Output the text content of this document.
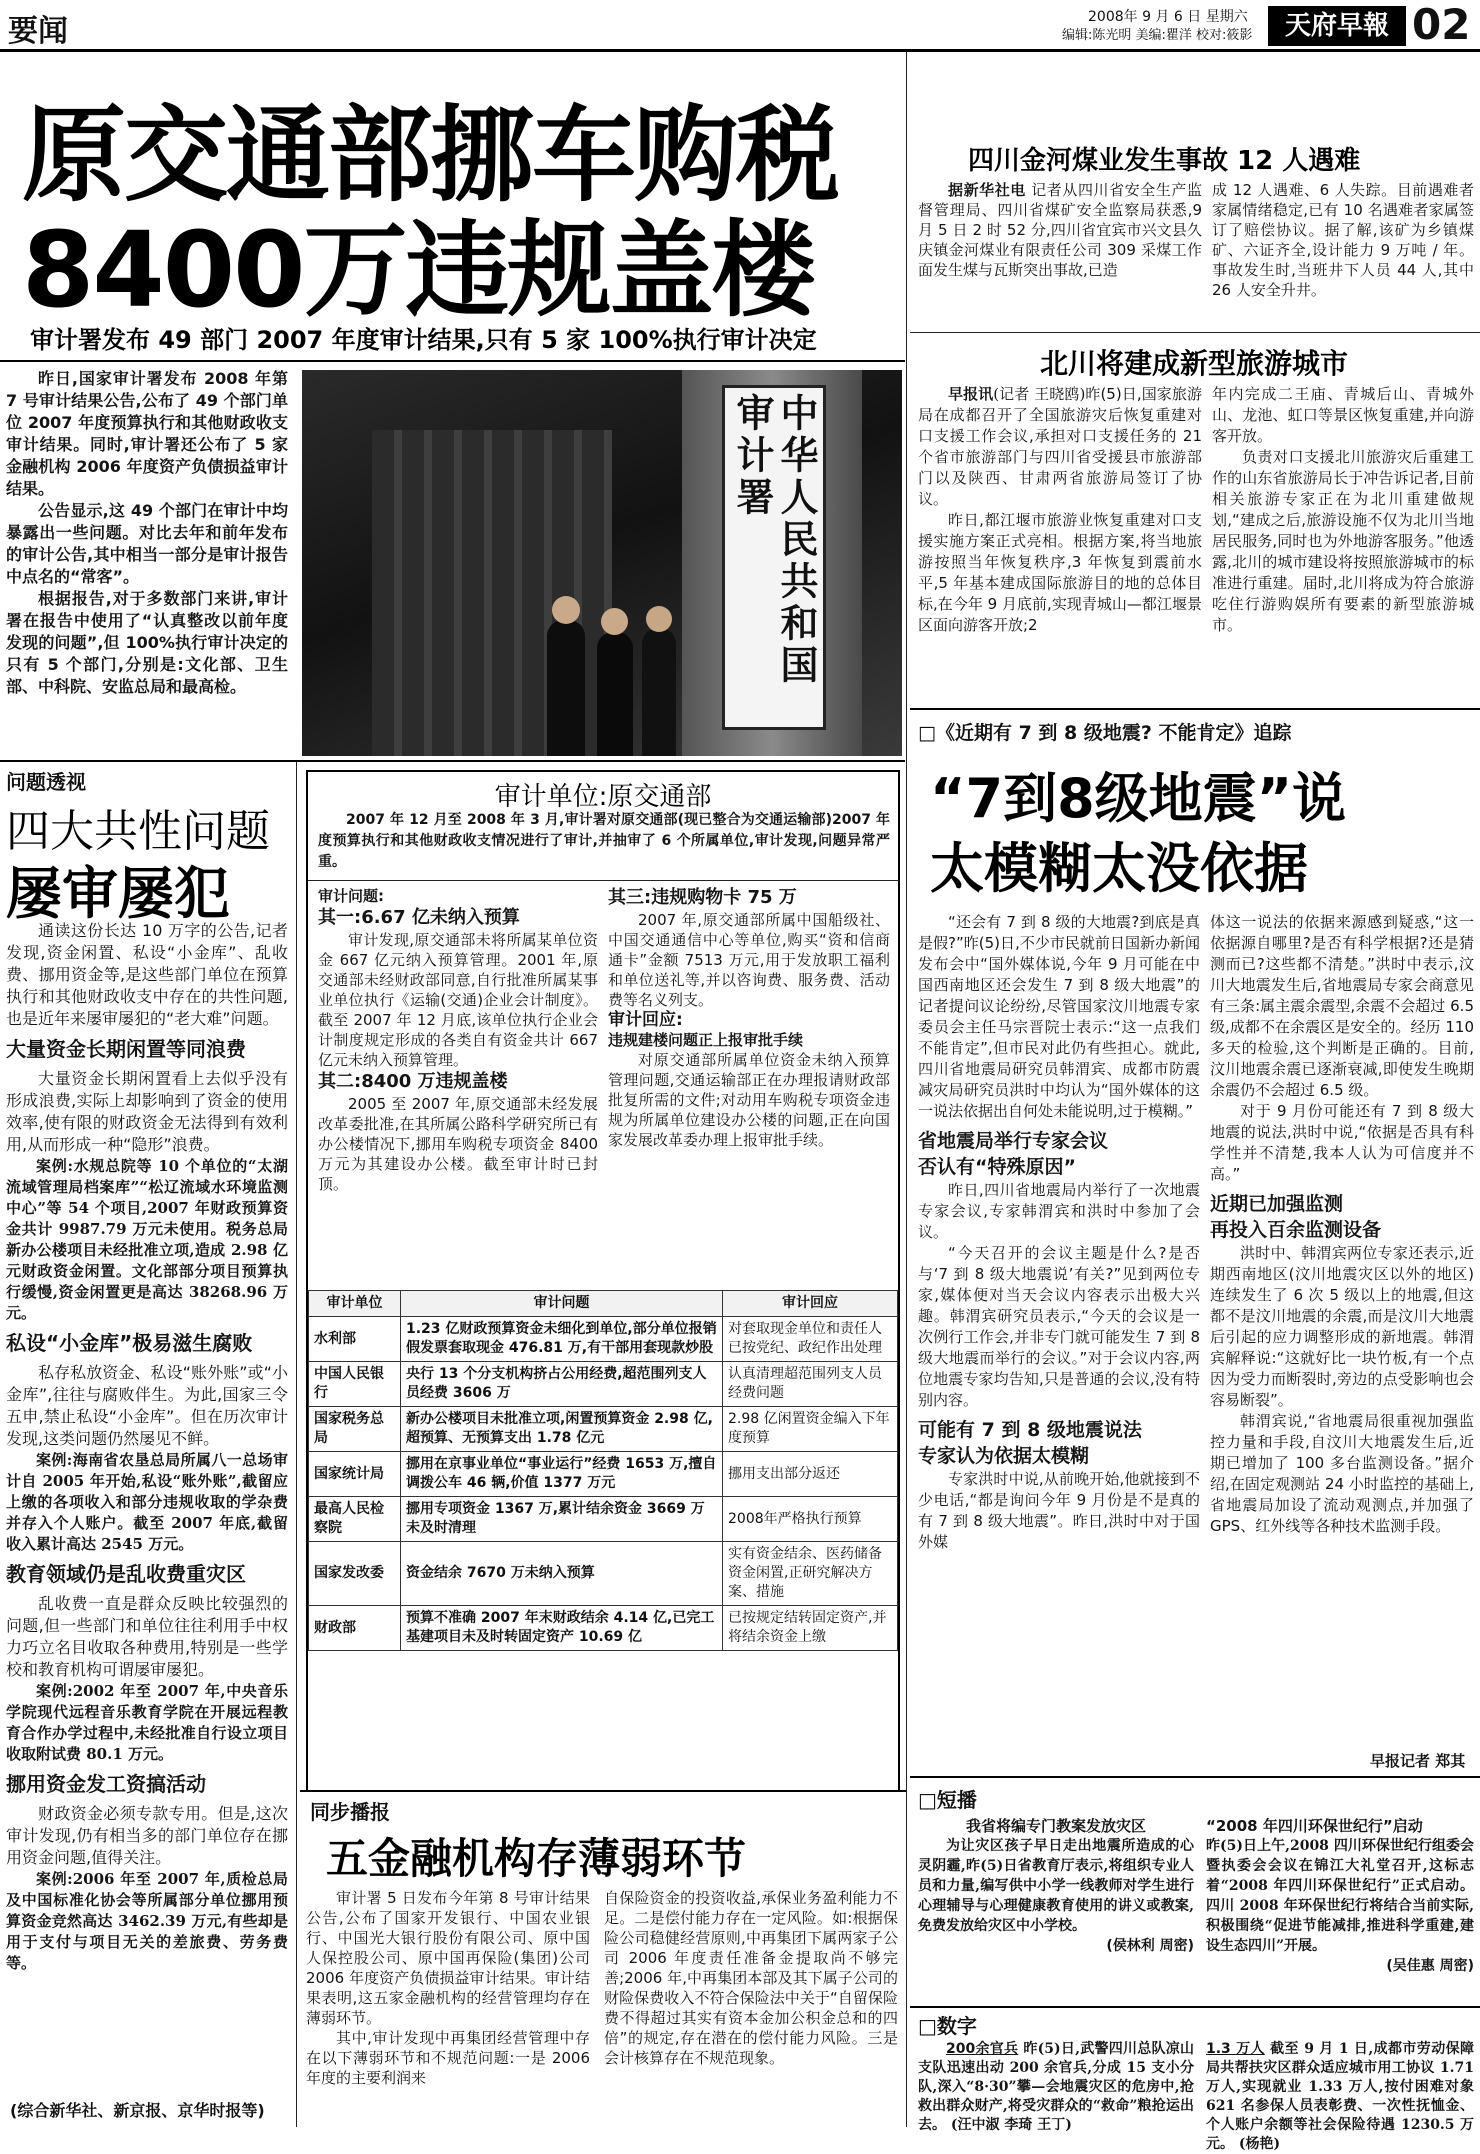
要闻	2008年 9 月 6 日 星期六
编辑:陈光明 美编:瞿洋 校对:筱影	天府早報 02
原交通部挪车购税
8400万违规盖楼
审计署发布 49 部门 2007 年度审计结果,只有 5 家 100%执行审计决定

昨日,国家审计署发布 2008 年第 7 号审计结果公告,公布了 49 个部门单位 2007 年度预算执行和其他财政收支审计结果。同时,审计署还公布了 5 家金融机构 2006 年度资产负债损益审计结果。

公告显示,这 49 个部门在审计中均暴露出一些问题。对比去年和前年发布的审计公告,其中相当一部分是审计报告中点名的“常客”。

根据报告,对于多数部门来讲,审计署在报告中使用了“认真整改以前年度发现的问题”,但 100%执行审计决定的只有 5 个部门,分别是:文化部、卫生部、中科院、安监总局和最高检。	中华人民共和国审计署
问题透视
四大共性问题
屡审屡犯

通读这份长达 10 万字的公告,记者发现,资金闲置、私设“小金库”、乱收费、挪用资金等,是这些部门单位在预算执行和其他财政收支中存在的共性问题,也是近年来屡审屡犯的“老大难”问题。

大量资金长期闲置等同浪费

大量资金长期闲置看上去似乎没有形成浪费,实际上却影响到了资金的使用效率,使有限的财政资金无法得到有效利用,从而形成一种“隐形”浪费。

案例:水规总院等 10 个单位的“太湖流域管理局档案库”“松辽流域水环境监测中心”等 54 个项目,2007 年财政预算资金共计 9987.79 万元未使用。税务总局新办公楼项目未经批准立项,造成 2.98 亿元财政资金闲置。文化部部分项目预算执行缓慢,资金闲置更是高达 38268.96 万元。

私设“小金库”极易滋生腐败

私存私放资金、私设“账外账”或“小金库”,往往与腐败伴生。为此,国家三令五申,禁止私设“小金库”。但在历次审计发现,这类问题仍然屡见不鲜。

案例:海南省农垦总局所属八一总场审计自 2005 年开始,私设“账外账”,截留应上缴的各项收入和部分违规收取的学杂费并存入个人账户。截至 2007 年底,截留收入累计高达 2545 万元。

教育领域仍是乱收费重灾区

乱收费一直是群众反映比较强烈的问题,但一些部门和单位往往利用手中权力巧立名目收取各种费用,特别是一些学校和教育机构可谓屡审屡犯。

案例:2002 年至 2007 年,中央音乐学院现代远程音乐教育学院在开展远程教育合作办学过程中,未经批准自行设立项目收取附试费 80.1 万元。

挪用资金发工资搞活动

财政资金必须专款专用。但是,这次审计发现,仍有相当多的部门单位存在挪用资金问题,值得关注。

案例:2006 年至 2007 年,质检总局及中国标准化协会等所属部分单位挪用预算资金竞然高达 3462.39 万元,有些却是用于支付与项目无关的差旅费、劳务费等。

(综合新华社、新京报、京华时报等)
审计单位:原交通部
2007 年 12 月至 2008 年 3 月,审计署对原交通部(现已整合为交通运输部)2007 年度预算执行和其他财政收支情况进行了审计,并抽审了 6 个所属单位,审计发现,问题异常严重。
审计问题:
其一:6.67 亿未纳入预算

审计发现,原交通部未将所属某单位资金 667 亿元纳入预算管理。2001 年,原交通部未经财政部同意,自行批准所属某事业单位执行《运输(交通)企业会计制度》。截至 2007 年 12 月底,该单位执行企业会计制度规定形成的各类自有资金共计 667 亿元未纳入预算管理。

其二:8400 万违规盖楼

2005 至 2007 年,原交通部未经发展改革委批准,在其所属公路科学研究所已有办公楼情况下,挪用车购税专项资金 8400 万元为其建设办公楼。截至审计时已封顶。

其三:违规购物卡 75 万

2007 年,原交通部所属中国船级社、中国交通通信中心等单位,购买“资和信商通卡”金额 7513 万元,用于发放职工福利和单位送礼等,并以咨询费、服务费、活动费等名义列支。

审计回应:
违规建楼问题正上报审批手续

对原交通部所属单位资金未纳入预算管理问题,交通运输部正在办理报请财政部批复所需的文件;对动用车购税专项资金违规为所属单位建设办公楼的问题,正在向国家发展改革委办理上报审批手续。

审计单位	审计问题	审计回应
水利部	1.23 亿财政预算资金未细化到单位,部分单位报销假发票套取现金 476.81 万,有干部用套现款炒股	对套取现金单位和责任人已按党纪、政纪作出处理
中国人民银行	央行 13 个分支机构挤占公用经费,超范围列支人员经费 3606 万	认真清理超范围列支人员经费问题
国家税务总局	新办公楼项目未批准立项,闲置预算资金 2.98 亿,超预算、无预算支出 1.78 亿元	2.98 亿闲置资金编入下年度预算
国家统计局	挪用在京事业单位“事业运行”经费 1653 万,擅自调拨公车 46 辆,价值 1377 万元	挪用支出部分返还
最高人民检察院	挪用专项资金 1367 万,累计结余资金 3669 万未及时清理	2008年严格执行预算
国家发改委	资金结余 7670 万未纳入预算	实有资金结余、医药储备资金闲置,正研究解决方案、措施
财政部	预算不准确 2007 年末财政结余 4.14 亿,已完工基建项目未及时转固定资产 10.69 亿	已按规定结转固定资产,并将结余资金上缴
同步播报
五金融机构存薄弱环节

审计署 5 日发布今年第 8 号审计结果公告,公布了国家开发银行、中国农业银行、中国光大银行股份有限公司、原中国人保控股公司、原中国再保险(集团)公司 2006 年度资产负债损益审计结果。审计结果表明,这五家金融机构的经营管理均存在薄弱环节。

其中,审计发现中再集团经营管理中存在以下薄弱环节和不规范问题:一是 2006 年度的主要利润来

自保险资金的投资收益,承保业务盈利能力不足。二是偿付能力存在一定风险。如:根据保险公司稳健经营原则,中再集团下属两家子公司 2006 年度责任准备金提取尚不够完善;2006 年,中再集团本部及其下属子公司的财险保费收入不符合保险法中关于“自留保险费不得超过其实有资本金加公积金总和的四倍”的规定,存在潜在的偿付能力风险。三是会计核算存在不规范现象。

四川金河煤业发生事故 12 人遇难

据新华社电 记者从四川省安全生产监督管理局、四川省煤矿安全监察局获悉,9 月 5 日 2 时 52 分,四川省宜宾市兴文县久庆镇金河煤业有限责任公司 309 采煤工作面发生煤与瓦斯突出事故,已造

成 12 人遇难、6 人失踪。目前遇难者家属情绪稳定,已有 10 名遇难者家属签订了赔偿协议。据了解,该矿为乡镇煤矿、六证齐全,设计能力 9 万吨 / 年。事故发生时,当班井下人员 44 人,其中 26 人安全升井。

北川将建成新型旅游城市

早报讯(记者 王晓鸥)昨(5)日,国家旅游局在成都召开了全国旅游灾后恢复重建对口支援工作会议,承担对口支援任务的 21 个省市旅游部门与四川省受援县市旅游部门以及陕西、甘肃两省旅游局签订了协议。

昨日,都江堰市旅游业恢复重建对口支援实施方案正式亮相。根据方案,将当地旅游按照当年恢复秩序,3 年恢复到震前水平,5 年基本建成国际旅游目的地的总体目标,在今年 9 月底前,实现青城山—都江堰景区面向游客开放;2

年内完成二王庙、青城后山、青城外山、龙池、虹口等景区恢复重建,并向游客开放。

负责对口支援北川旅游灾后重建工作的山东省旅游局长于冲告诉记者,目前相关旅游专家正在为北川重建做规划,“建成之后,旅游设施不仅为北川当地居民服务,同时也为外地游客服务。”他透露,北川的城市建设将按照旅游城市的标准进行重建。届时,北川将成为符合旅游吃住行游购娱所有要素的新型旅游城市。

□《近期有 7 到 8 级地震? 不能肯定》追踪
“7到8级地震”说
太模糊太没依据

“还会有 7 到 8 级的大地震?到底是真是假?”昨(5)日,不少市民就前日国新办新闻发布会中“国外媒体说,今年 9 月可能在中国西南地区还会发生 7 到 8 级大地震”的记者提问议论纷纷,尽管国家汶川地震专家委员会主任马宗晋院士表示:“这一点我们不能肯定”,但市民对此仍有些担心。就此,四川省地震局研究员韩渭宾、成都市防震减灾局研究员洪时中均认为“国外媒体的这一说法依据出自何处未能说明,过于模糊。”

省地震局举行专家会议
否认有“特殊原因”

昨日,四川省地震局内举行了一次地震专家会议,专家韩渭宾和洪时中参加了会议。

“今天召开的会议主题是什么?是否与‘7 到 8 级大地震说’有关?”见到两位专家,媒体便对当天会议内容表示出极大兴趣。韩渭宾研究员表示,“今天的会议是一次例行工作会,并非专门就可能发生 7 到 8 级大地震而举行的会议。”对于会议内容,两位地震专家均告知,只是普通的会议,没有特别内容。

可能有 7 到 8 级地震说法
专家认为依据太模糊

专家洪时中说,从前晚开始,他就接到不少电话,“都是询问今年 9 月份是不是真的有 7 到 8 级大地震”。昨日,洪时中对于国外媒

体这一说法的依据来源感到疑惑,“这一依据源自哪里?是否有科学根据?还是猜测而已?这些都不清楚。”洪时中表示,汶川大地震发生后,省地震局专家会商意见有三条:属主震余震型,余震不会超过 6.5 级,成都不在余震区是安全的。经历 110 多天的检验,这个判断是正确的。目前,汶川地震余震已逐渐衰减,即使发生晚期余震仍不会超过 6.5 级。

对于 9 月份可能还有 7 到 8 级大地震的说法,洪时中说,“依据是否具有科学性并不清楚,我本人认为可信度并不高。”

近期已加强监测
再投入百余监测设备

洪时中、韩渭宾两位专家还表示,近期西南地区(汶川地震灾区以外的地区)连续发生了 6 次 5 级以上的地震,但这都不是汶川地震的余震,而是汶川大地震后引起的应力调整形成的新地震。韩渭宾解释说:“这就好比一块竹板,有一个点因为受力而断裂时,旁边的点受影响也会容易断裂”。

韩渭宾说,“省地震局很重视加强监控力量和手段,自汶川大地震发生后,近期已增加了 100 多台监测设备。”据介绍,在固定观测站 24 小时监控的基础上,省地震局加设了流动观测点,并加强了 GPS、红外线等各种技术监测手段。

早报记者 郑其
□短播
我省将编专门教案发放灾区

为让灾区孩子早日走出地震所造成的心灵阴霾,昨(5)日省教育厅表示,将组织专业人员和力量,编写供中小学一线教师对学生进行心理辅导与心理健康教育使用的讲义或教案,免费发放给灾区中小学校。

(侯林利 周密)
“2008 年四川环保世纪行”启动

昨(5)日上午,2008 四川环保世纪行组委会暨执委会会议在锦江大礼堂召开,这标志着“2008 年四川环保世纪行”正式启动。四川 2008 年环保世纪行将结合当前实际,积极围绕“促进节能减排,推进科学重建,建设生态四川”开展。

(吴佳惠 周密)
□数字

200余官兵 昨(5)日,武警四川总队凉山支队迅速出动 200 余官兵,分成 15 支小分队,深入“8·30”攀—会地震灾区的危房中,抢救出群众财产,将受灾群众的“救命”粮抢运出去。 (汪中淑 李琦 王丁)

1.3 万人 截至 9 月 1 日,成都市劳动保障局共帮扶灾区群众适应城市用工协议 1.71 万人,实现就业 1.33 万人,按付困难对象 621 名参保人员表彰费、一次性抚恤金、个人账户余额等社会保险待遇 1230.5 万元。 (杨艳)
